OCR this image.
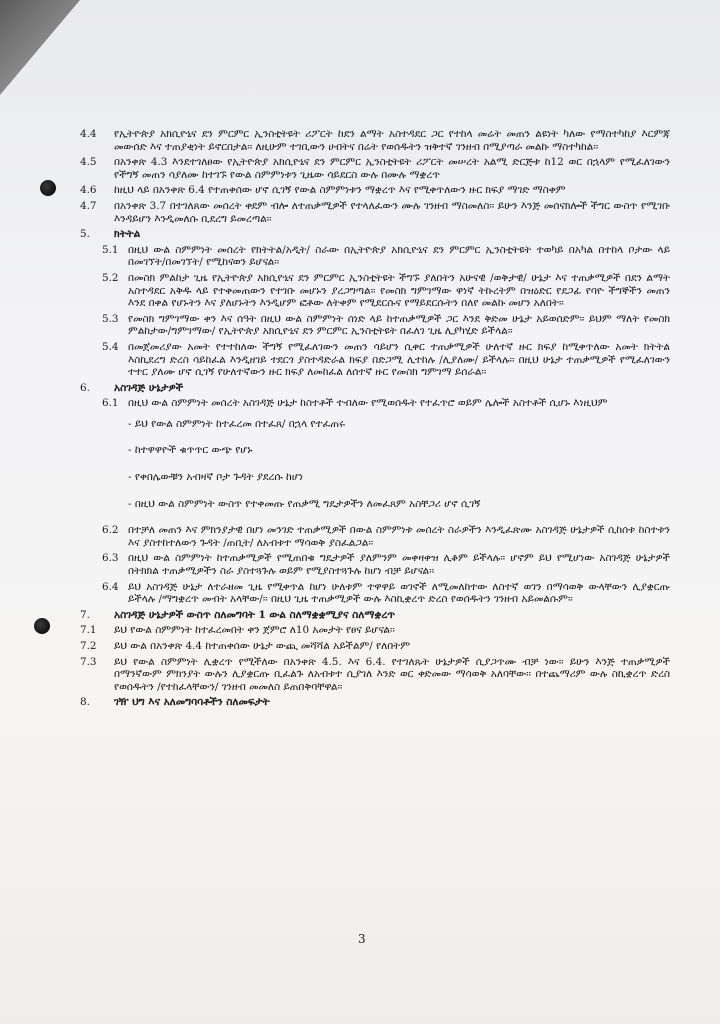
4.4	የኢትዮጵያ አክሲዮኒና ደን ምርምር ኢንስቲትዩት ሪፖርት ከደን ልማት አስተዳደር ጋር የተከላ መሬት መጠን ልዩነት ካለው የማስተካከያ እርምጃ መውሰድ እና ተጠያቂነት ይኖርበታል፡፡ ለዚሁም ተገቢውን ሀብትና በሬት የወሰዱትን ዝቅተኛ ገንዘብ በሚያጣራ መልኩ ማስተካከል፡፡
4.5	በአንቀጽ 4.3 እንደተገለፀው የኢትዮጵያ አክሲዮኒና ደን ምርምር ኢንስቲትዩት ሪፖርት መሠረት አልሚ ድርጅቱ ከ12 ወር በኋላም የሚፈለገውን የችግኝ መጠን ሳያለሙ ከተገኙ የውል ስምምነቱን ጊዜው ሳይደርስ ውሉ በሙሉ ማቋረጥ
4.6	ከዚህ ላይ በአንቀጽ 6.4 የተጠቀሰው ሆኖ ሲገኝ የውል ስምምነቱን ማቋረጥ እና የሚቀጥለውን ዙር ክፍያ ማገድ ማስቀም
4.7	በአንቀጽ 3.7 በተገለጸው መሰረት ቀደም ብሎ ለተጠቃሚዎች የተላለፈውን ሙሉ ገንዘብ ማስመለስ፡፡ ይሁን እንጅ መሰናክሎች ችግር ውስጥ የሚገቡ እንዳይሆን እንዲመለሱ ቢደረግ ይመረጣል፡፡
5.	ክትትል
5.1 በዚህ ውል ስምምነት መሰረት የክትትል/አዲት/ ስራው በኢትዮጵያ አክሲዮኒና ደን ምርምር ኢንስቲትዩት ተወካይ በአካል በተከላ ቦታው ላይ በመገኘት/በመገኘት/ የሚከናወን ይሆናል፡፡
5.2 በመስክ ምልከታ ጊዜ የኢትዮጵያ አክሲዮኒና ደን ምርምር ኢንስቲትዩት ችግኙ ያለበትን አሁናዊ /ወቅታዊ/ ሁኔታ እና ተጠቃሚዎች በደን ልማት አስተዳደር አቅዱ ላይ የተቀመጠውን የተገቡ መሆኑን ያረጋግጣል፡፡ የመስክ ግምገማው ዋነኛ ትኩረትም በዝዕድር የደጋፊ የባዮ ችግኞችን መጠን እንደ በቀል የሆኑትን እና ያለሆኑትን እንዲሆም ፎቶው ለትቀም የሚደርሱና የማይደርሱትን በለየ መልኩ መሆን አለበት፡፡
5.3 የመስክ ግምገማው ቀን እና ሰዓት በዚህ ውል ስምምነት ሰነድ ላይ ከተጠቃሚዎች ጋር እንደ ቅድመ ሁኔታ አይወሰድም፡፡ ይህም ማለት የመስክ ምልከታው/ግምገማው/ የኢትዮጵያ አክሲዮኒና ደን ምርምር ኢንስቲትዩት በፈለገ ጊዜ ሊያካሂድ ይችላል፡፡
5.4 በመጀመሪያው አመት የተተከለው ችግኝ የሚፈለገውን መጠን ሳይሆን ሲቀር ተጠቃሚዎች ሁለተኛ ዙር ክፍያ ከሚቀጥለው አመት ክትትል እስኪደረግ ድረስ ሳይከፈል እንዲዘገይ ተደርጎ ያስተዳድራል ክፍያ በድጋሚ ሊተከሉ /ሊያለሙ/ ይችላሉ፡፡ በዚህ ሁኔታ ተጠቃሚዎች የሚፈለገውን ተተር ያለሙ ሆኖ ሲገኝ የሁለተኛውን ዙር ክፍያ ለመከፈል ለሰተኛ ዙር የመስክ ግምገማ ይሰራል፡፡
6.	አስገዳጅ ሁኔታዎች
6.1 በዚህ ውል ስምምነት መሰረት አስገዳጅ ሁኔታ ከስተቶች ተብለው የሚወሰዱት የተፈጥሮ ወይም ሌሎች አስተቶች ሲሆኑ እነዚህም
- ይህ የውል ስምምነት ከተፈረመ በተፈጸ/ በኋላ የተፈጠሩ
- ከተዋዋዮች ቁጥጥር ውጭ የሆኑ
- የቀበሌውቹን አብዛኛ ቦታ ጉዳት ያደረሱ ከሆነ
- በዚህ ውል ስምምነት ውስጥ የተቀመጡ የጠቃሚ ግዴታዎችን ለመፈጸም አስቸጋሪ ሆኖ ሲገኝ
6.2 በተቻለ መጠን እና ምክንያታዊ በሆነ መንገድ ተጠቃሚዎች በውል ስምምነቱ መሰረት ስራዎችን እንዲፈጽሙ አስገዳጅ ሁኔታዎች ሲከሰቱ ከስተቱን እና ያስተከተለውን ጉዳት /ጠቢት/ ለአብቱተ ማሳወቅ ያስፈልጋል፡፡
6.3 በዚህ ውል ስምምነት ከተጠቃሚዎች የሚጠበቁ ግዴታዎች ያለምንም መቀዛቀዝ ሊቆም ይችላሉ፡፡ ሆኖም ይህ የሚሆነው አስገዳጅ ሁኔታዎች በትክክል ተጠቃሚዎችን ስራ ያስተጓጉሉ ወይም የሚያስተጓጉሉ ከሆነ ብቻ ይሆናል፡፡
6.4 ይህ አስገዳጅ ሁኔታ ለተራዘመ ጊዜ የሚቀጥል ከሆነ ሁለቱም ተዋዋይ ወገኖች ለሚመለከተው ለስተኛ ወገን በማሳወቅ ውላቸውን ሊያቋርጡ ይችላሉ /ማግቋረጥ መብት አላቸው/፡፡ በዚህ ጊዜ ተጠቃሚዎች ውሉ እስኪቋረጥ ድረስ የወሰዱትን ገንዘብ አይመልሱም፡፡
7.	አስገዳጅ ሁኔታዎች ውስጥ ስለመግባት 1 ውል ስለማቋቋሚያና ስለማቋረጥ
7.1	ይህ የውል ስምምነት ከተፈረመበት ቀን ጀምሮ ለ10 አመታት የፀና ይሆናል፡፡
7.2	ይህ ውል በአንቀጽ 4.4 ከተጠቀሰው ሁኔታ ውጪ መሻሻል አይችልም/ የለበትም
7.3	ይህ የውል ስምምነት ሊቋረጥ የሚችለው በአንቀጽ 4.5. እና 6.4. የተገለጹት ሁኔታዎች ሲያጋጥሙ ብቻ ነው፡፡ ይሁን እንጅ ተጠቃሚዎች በማንኛውም ምክንያት ውሉን ሊያቋርጡ ቢፈልጉ ለአብቱተ ሲያገለ እንድ ወር ቀድመው ማሳወቅ አለባቸው፡፡ በተጨማሪም ውሉ ስኪቋረጥ ድረስ የወሰዱትን /የተከፈላቸውን/ ገንዘብ መመለስ ይጠበቅባቸዋል፡፡
8.	ገዥ ህግ እና አለመግባባቶችን ስለመፍታት
3
